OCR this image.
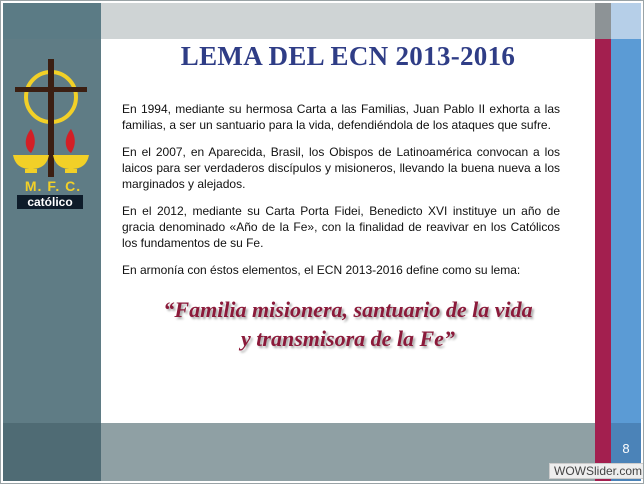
M. F. C.
católico
LEMA DEL ECN 2013-2016

En 1994, mediante su hermosa Carta a las Familias, Juan Pablo II exhorta a las familias, a ser un santuario para la vida, defendiéndola de los ataques que sufre.

En el 2007, en Aparecida, Brasil, los Obispos de Latinoamérica convocan a los laicos para ser verdaderos discípulos y misioneros, llevando la buena nueva a los marginados y alejados.

En el 2012, mediante su Carta Porta Fidei, Benedicto XVI instituye un año de gracia denominado «Año de la Fe», con la finalidad de reavivar en los Católicos los fundamentos de su Fe.

En armonía con éstos elementos, el ECN 2013-2016 define como su lema:

“Familia misionera, santuario de la vida
y transmisora de la Fe”
8
WOWSlider.com
